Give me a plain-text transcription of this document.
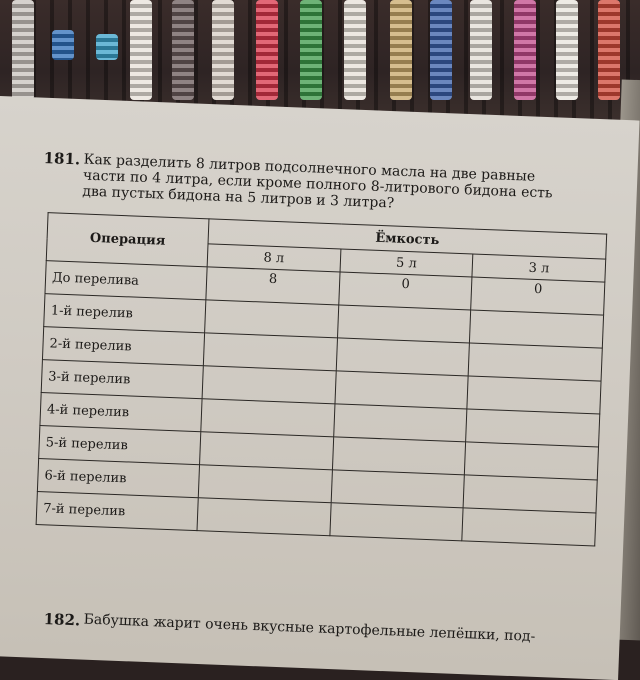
181. Как разделить 8 литров подсолнечного масла на две равные
части по 4 литра, если кроме полного 8-литрового бидона есть
два пустых бидона на 5 литров и 3 литра?
Операция	Ёмкость		
	8 л	5 л	3 л
До перелива	8	0	0
1-й перелив			
2-й перелив			
3-й перелив			
4-й перелив			
5-й перелив			
6-й перелив			
7-й перелив			
182. Бабушка жарит очень вкусные картофельные лепёшки, под-
